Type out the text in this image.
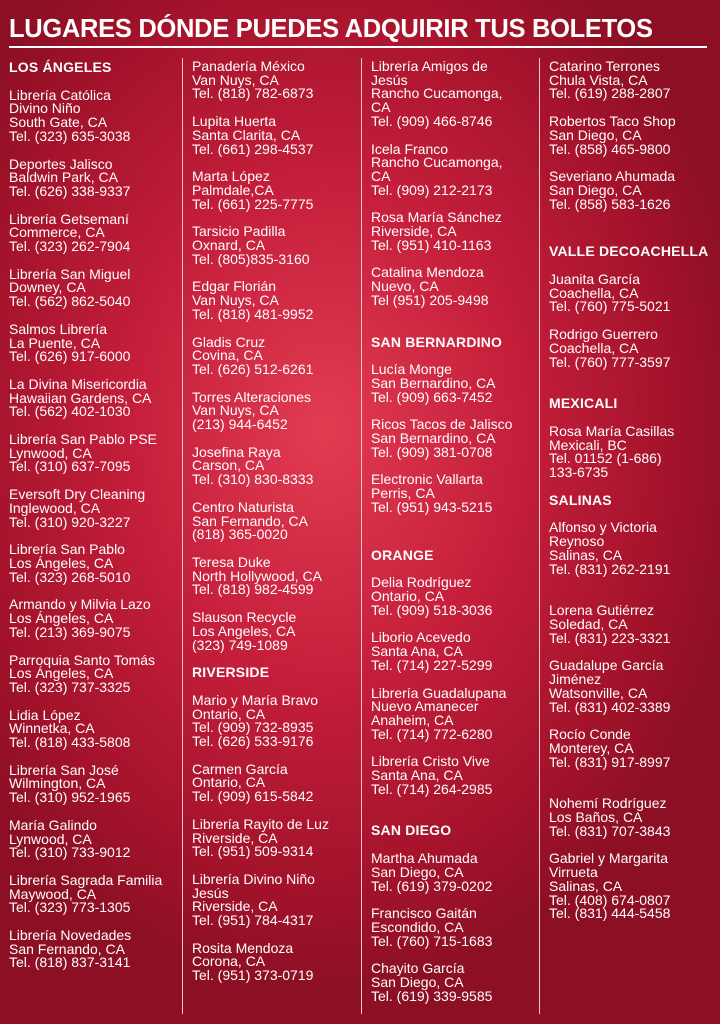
LUGARES DÓNDE PUEDES ADQUIRIR TUS BOLETOS
LOS ÁNGELES
Librería Católica
Divino Niño
South Gate, CA
Tel. (323) 635-3038
Deportes Jalisco
Baldwin Park, CA
Tel. (626) 338-9337
Librería Getsemaní
Commerce, CA
Tel. (323) 262-7904
Librería San Miguel
Downey, CA
Tel. (562) 862-5040
Salmos Librería
La Puente, CA
Tel. (626) 917-6000
La Divina Misericordia
Hawaiian Gardens, CA
Tel. (562) 402-1030
Librería San Pablo PSE
Lynwood, CA
Tel. (310) 637-7095
Eversoft Dry Cleaning
Inglewood, CA
Tel. (310) 920-3227
Librería San Pablo
Los Ángeles, CA
Tel. (323) 268-5010
Armando y Milvia Lazo
Los Ángeles, CA
Tel. (213) 369-9075
Parroquia Santo Tomás
Los Ángeles, CA
Tel. (323) 737-3325
Lidia López
Winnetka, CA
Tel. (818) 433-5808
Librería San José
Wilmington, CA
Tel. (310) 952-1965
María Galindo
Lynwood, CA
Tel. (310) 733-9012
Librería Sagrada Familia
Maywood, CA
Tel. (323) 773-1305
Librería Novedades
San Fernando, CA
Tel. (818) 837-3141
Panadería México
Van Nuys, CA
Tel. (818) 782-6873
Lupita Huerta
Santa Clarita, CA
Tel. (661) 298-4537
Marta López
Palmdale,CA
Tel. (661) 225-7775
Tarsicio Padilla
Oxnard, CA
Tel. (805)835-3160
Edgar Florián
Van Nuys, CA
Tel. (818) 481-9952
Gladis Cruz
Covina, CA
Tel. (626) 512-6261
Torres Alteraciones
Van Nuys, CA
(213) 944-6452
Josefina Raya
Carson, CA
Tel. (310) 830-8333
Centro Naturista
San Fernando, CA
(818) 365-0020
Teresa Duke
North Hollywood, CA
Tel. (818) 982-4599
Slauson Recycle
Los Angeles, CA
(323) 749-1089
RIVERSIDE
Mario y María Bravo
Ontario, CA
Tel. (909) 732-8935
Tel. (626) 533-9176
Carmen García
Ontario, CA
Tel. (909) 615-5842
Librería Rayito de Luz
Riverside, CA
Tel. (951) 509-9314
Librería Divino Niño
Jesús
Riverside, CA
Tel. (951) 784-4317
Rosita Mendoza
Corona, CA
Tel. (951) 373-0719
Librería Amigos de
Jesús
Rancho Cucamonga,
CA
Tel. (909) 466-8746
Icela Franco
Rancho Cucamonga,
CA
Tel. (909) 212-2173
Rosa María Sánchez
Riverside, CA
Tel. (951) 410-1163
Catalina Mendoza
Nuevo, CA
Tel (951) 205-9498
SAN BERNARDINO
Lucía Monge
San Bernardino, CA
Tel. (909) 663-7452
Ricos Tacos de Jalisco
San Bernardino, CA
Tel. (909) 381-0708
Electronic Vallarta
Perris, CA
Tel. (951) 943-5215
ORANGE
Delia Rodríguez
Ontario, CA
Tel. (909) 518-3036
Liborio Acevedo
Santa Ana, CA
Tel. (714) 227-5299
Librería Guadalupana
Nuevo Amanecer
Anaheim, CA
Tel. (714) 772-6280
Librería Cristo Vive
Santa Ana, CA
Tel. (714) 264-2985
SAN DIEGO
Martha Ahumada
San Diego, CA
Tel. (619) 379-0202
Francisco Gaitán
Escondido, CA
Tel. (760) 715-1683
Chayito García
San Diego, CA
Tel. (619) 339-9585
Catarino Terrones
Chula Vista, CA
Tel. (619) 288-2807
Robertos Taco Shop
San Diego, CA
Tel. (858) 465-9800
Severiano Ahumada
San Diego, CA
Tel. (858) 583-1626
VALLE DECOACHELLA
Juanita García
Coachella, CA
Tel. (760) 775-5021
Rodrigo Guerrero
Coachella, CA
Tel. (760) 777-3597
MEXICALI
Rosa María Casillas
Mexicali, BC
Tel. 01152 (1-686)
133-6735
SALINAS
Alfonso y Victoria
Reynoso
Salinas, CA
Tel. (831) 262-2191
Lorena Gutiérrez
Soledad, CA
Tel. (831) 223-3321
Guadalupe García
Jiménez
Watsonville, CA
Tel. (831) 402-3389
Rocío Conde
Monterey, CA
Tel. (831) 917-8997
Nohemí Rodríguez
Los Baños, CA
Tel. (831) 707-3843
Gabriel y Margarita
Virrueta
Salinas, CA
Tel. (408) 674-0807
Tel. (831) 444-5458
